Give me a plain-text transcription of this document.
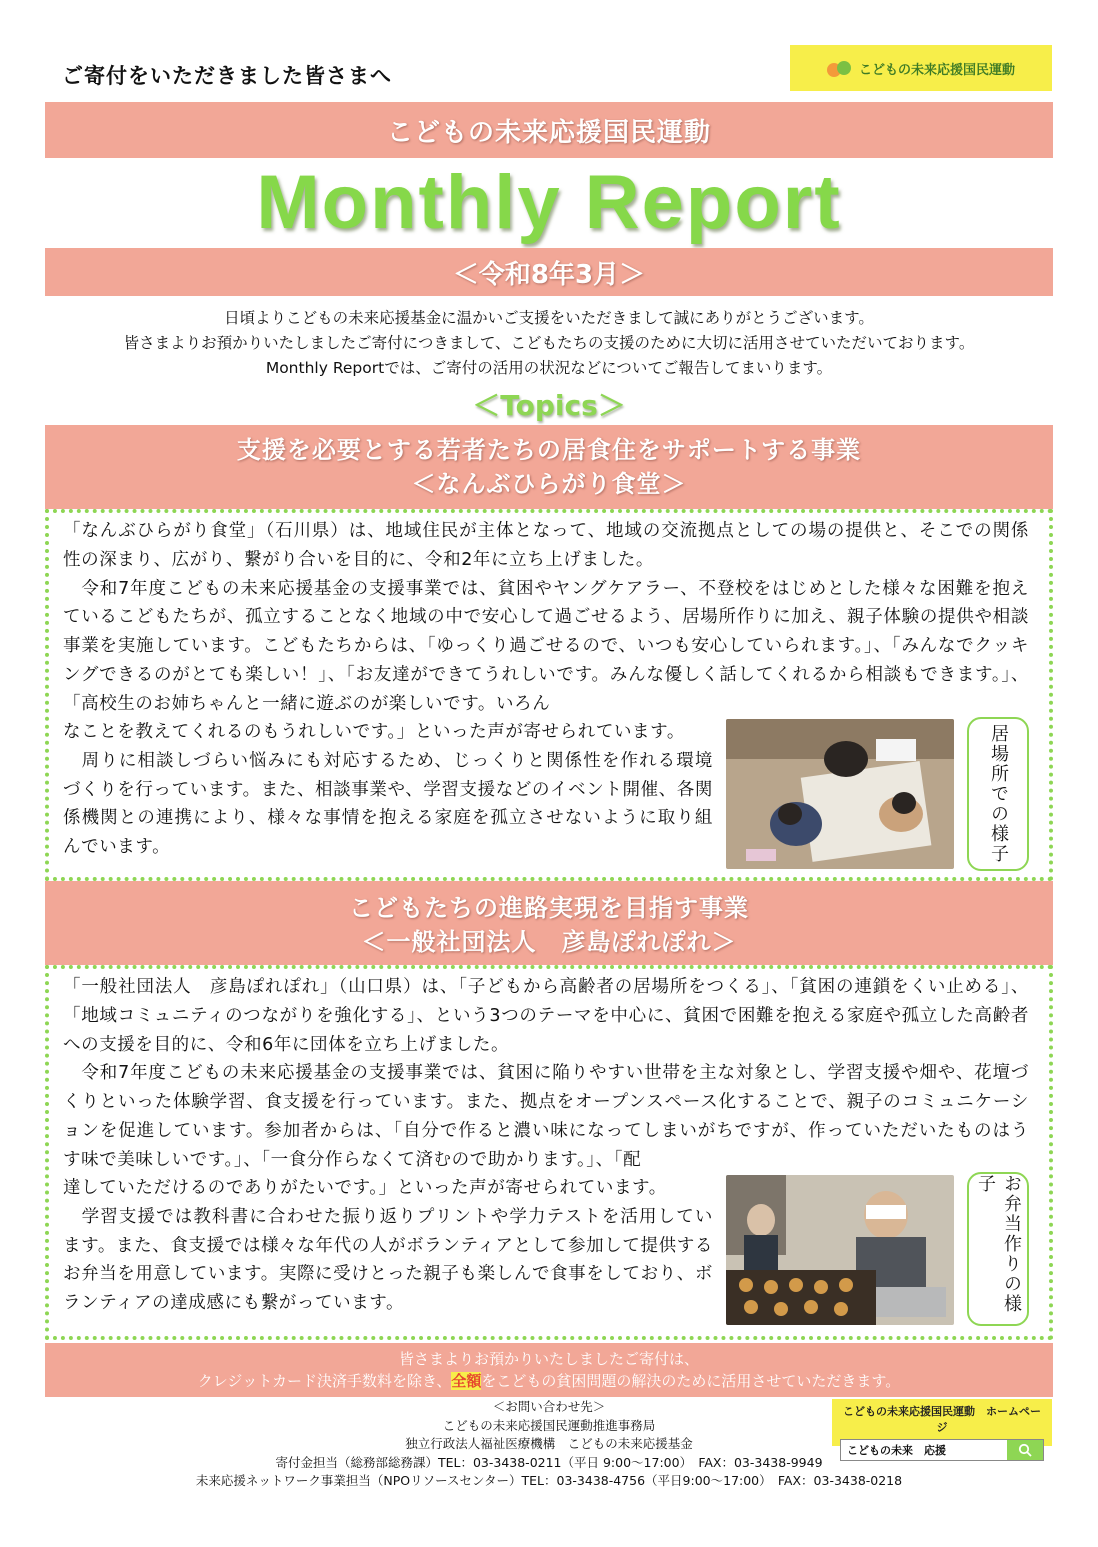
ご寄付をいただきました皆さまへ	こどもの未来応援国民運動
こどもの未来応援国民運動
Monthly Report
＜令和8年3月＞
日頃よりこどもの未来応援基金に温かいご支援をいただきまして誠にありがとうございます。
皆さまよりお預かりいたしましたご寄付につきまして、こどもたちの支援のために大切に活用させていただいております。
Monthly Reportでは、ご寄付の活用の状況などについてご報告してまいります。
＜Topics＞
支援を必要とする若者たちの居食住をサポートする事業
＜なんぶひらがり食堂＞
「なんぶひらがり食堂」（石川県）は、地域住民が主体となって、地域の交流拠点としての場の提供と、そこでの関係性の深まり、広がり、繋がり合いを目的に、令和2年に立ち上げました。
　令和7年度こどもの未来応援基金の支援事業では、貧困やヤングケアラー、不登校をはじめとした様々な困難を抱えているこどもたちが、孤立することなく地域の中で安心して過ごせるよう、居場所作りに加え、親子体験の提供や相談事業を実施しています。こどもたちからは、「ゆっくり過ごせるので、いつも安心していられます。」、「みんなでクッキングできるのがとても楽しい！」、「お友達ができてうれしいです。みんな優しく話してくれるから相談もできます。」、「高校生のお姉ちゃんと一緒に遊ぶのが楽しいです。いろん
なことを教えてくれるのもうれしいです。」といった声が寄せられています。
　周りに相談しづらい悩みにも対応するため、じっくりと関係性を作れる環境づくりを行っています。また、相談事業や、学習支援などのイベント開催、各関係機関との連携により、様々な事情を抱える家庭を孤立させないように取り組んでいます。	居場所での様子
こどもたちの進路実現を目指す事業
＜一般社団法人　彦島ぽれぽれ＞
「一般社団法人　彦島ぽれぽれ」（山口県）は、「子どもから高齢者の居場所をつくる」、「貧困の連鎖をくい止める」、「地域コミュニティのつながりを強化する」、という3つのテーマを中心に、貧困で困難を抱える家庭や孤立した高齢者への支援を目的に、令和6年に団体を立ち上げました。
　令和7年度こどもの未来応援基金の支援事業では、貧困に陥りやすい世帯を主な対象とし、学習支援や畑や、花壇づくりといった体験学習、食支援を行っています。また、拠点をオープンスペース化することで、親子のコミュニケーションを促進しています。参加者からは、「自分で作ると濃い味になってしまいがちですが、作っていただいたものはうす味で美味しいです。」、「一食分作らなくて済むので助かります。」、「配
達していただけるのでありがたいです。」といった声が寄せられています。
　学習支援では教科書に合わせた振り返りプリントや学力テストを活用しています。また、食支援では様々な年代の人がボランティアとして参加して提供するお弁当を用意しています。実際に受けとった親子も楽しんで食事をしており、ボランティアの達成感にも繋がっています。	お弁当作りの様子
皆さまよりお預かりいたしましたご寄付は、
クレジットカード決済手数料を除き、全額をこどもの貧困問題の解決のために活用させていただきます。
＜お問い合わせ先＞
こどもの未来応援国民運動推進事務局
独立行政法人福祉医療機構　こどもの未来応援基金
寄付金担当（総務部総務課）TEL：03-3438-0211（平日 9:00～17:00）　FAX：03-3438-9949
未来応援ネットワーク事業担当（NPOリソースセンター）TEL：03-3438-4756（平日9:00～17:00）　FAX：03-3438-0218
こどもの未来応援国民運動　ホームページ
こどもの未来　応援
